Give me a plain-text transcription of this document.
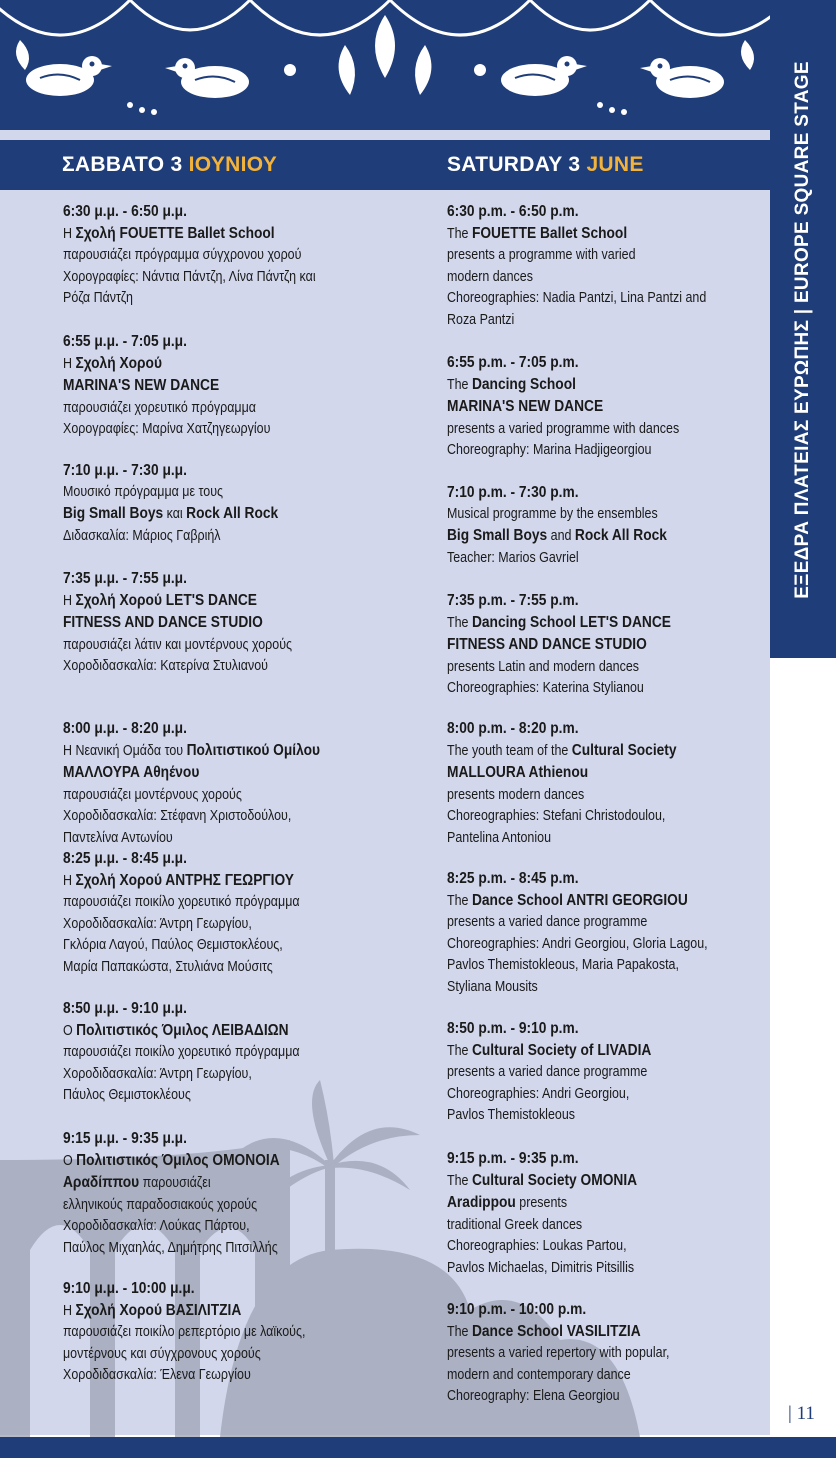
ΣΑΒΒΑΤΟ 3 ΙΟΥΝΙΟΥ	SATURDAY 3 JUNE	ΕΞΕΔΡΑ ΠΛΑΤΕΙΑΣ ΕΥΡΩΠΗΣ | EUROPE SQUARE STAGE
6:30 μ.μ. - 6:50 μ.μ.
Η Σχολή FOUETTE Ballet School
παρουσιάζει πρόγραμμα σύγχρονου χορού
Χορογραφίες: Νάντια Πάντζη, Λίνα Πάντζη και
Ρόζα Πάντζη
6:55 μ.μ. - 7:05 μ.μ.
Η Σχολή Χορού
MARINA'S NEW DANCE
παρουσιάζει χορευτικό πρόγραμμα
Χορογραφίες: Μαρίνα Χατζηγεωργίου
7:10 μ.μ. - 7:30 μ.μ.
Μουσικό πρόγραμμα με τους
Big Small Boys και Rock All Rock
Διδασκαλία: Μάριος Γαβριήλ
7:35 μ.μ. - 7:55 μ.μ.
Η Σχολή Χορού LET'S DANCE
FITNESS AND DANCE STUDIO
παρουσιάζει λάτιν και μοντέρνους χορούς
Χοροδιδασκαλία: Κατερίνα Στυλιανού
8:00 μ.μ. - 8:20 μ.μ.
Η Νεανική Ομάδα του Πολιτιστικού Ομίλου
ΜΑΛΛΟΥΡΑ Αθηένου
παρουσιάζει μοντέρνους χορούς
Χοροδιδασκαλία: Στέφανη Χριστοδούλου,
Παντελίνα Αντωνίου
8:25 μ.μ. - 8:45 μ.μ.
Η Σχολή Χορού ΑΝΤΡΗΣ ΓΕΩΡΓΙΟΥ
παρουσιάζει ποικίλο χορευτικό πρόγραμμα
Χοροδιδασκαλία: Άντρη Γεωργίου,
Γκλόρια Λαγού, Παύλος Θεμιστοκλέους,
Μαρία Παπακώστα, Στυλιάνα Μούσιτς
8:50 μ.μ. - 9:10 μ.μ.
Ο Πολιτιστικός Όμιλος ΛΕΙΒΑΔΙΩΝ
παρουσιάζει ποικίλο χορευτικό πρόγραμμα
Χοροδιδασκαλία: Άντρη Γεωργίου,
Πάυλος Θεμιστοκλέους
9:15 μ.μ. - 9:35 μ.μ.
Ο Πολιτιστικός Όμιλος ΟΜΟΝΟΙΑ
Αραδίππου παρουσιάζει
ελληνικούς παραδοσιακούς χορούς
Χοροδιδασκαλία: Λούκας Πάρτου,
Παύλος Μιχαηλάς, Δημήτρης Πιτσιλλής
9:10 μ.μ. - 10:00 μ.μ.
Η Σχολή Χορού ΒΑΣΙΛΙΤΖΙΑ
παρουσιάζει ποικίλο ρεπερτόριο με λαϊκούς,
μοντέρνους και σύγχρονους χορούς
Χοροδιδασκαλία: Έλενα Γεωργίου
6:30 p.m. - 6:50 p.m.
The FOUETTE Ballet School
presents a programme with varied
modern dances
Choreographies: Nadia Pantzi, Lina Pantzi and
Roza Pantzi
6:55 p.m. - 7:05 p.m.
The Dancing School
MARINA'S NEW DANCE
presents a varied programme with dances
Choreography: Marina Hadjigeorgiou
7:10 p.m. - 7:30 p.m.
Musical programme by the ensembles
Big Small Boys and Rock All Rock
Teacher: Marios Gavriel
7:35 p.m. - 7:55 p.m.
The Dancing School LET'S DANCE
FITNESS AND DANCE STUDIO
presents Latin and modern dances
Choreographies: Katerina Stylianou
8:00 p.m. - 8:20 p.m.
The youth team of the Cultural Society
MALLOURA Athienou
presents modern dances
Choreographies: Stefani Christodoulou,
Pantelina Antoniou
8:25 p.m. - 8:45 p.m.
The Dance School ANTRI GEORGIOU
presents a varied dance programme
Choreographies: Andri Georgiou, Gloria Lagou,
Pavlos Themistokleous, Maria Papakosta,
Styliana Mousits
8:50 p.m. - 9:10 p.m.
The Cultural Society of LIVADIA
presents a varied dance programme
Choreographies: Andri Georgiou,
Pavlos Themistokleous
9:15 p.m. - 9:35 p.m.
The Cultural Society OMONIA
Aradippou presents
traditional Greek dances
Choreographies: Loukas Partou,
Pavlos Michaelas, Dimitris Pitsillis
9:10 p.m. - 10:00 p.m.
The Dance School VASILITZIA
presents a varied repertory with popular,
modern and contemporary dance
Choreography: Elena Georgiou
| 11
